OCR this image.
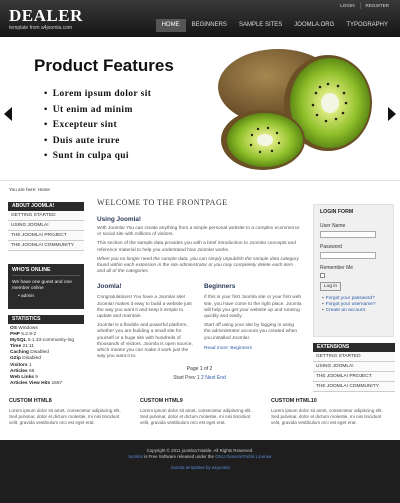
DEALER
template from a4joomla.com
LOGIN	REGISTER
HOME	BEGINNERS	SAMPLE SITES	JOOMLA.ORG	TYPOGRAPHY
Product Features
• Lorem ipsum dolor sit
• Ut enim ad minim
• Excepteur sint
• Duis aute irure
• Sunt in culpa qui
You are here: Home
ABOUT JOOMLA!
GETTING STARTED
USING JOOMLA!
THE JOOMLA! PROJECT
THE JOOMLA! COMMUNITY
WHO'S ONLINE
We have one guest and one member online
• admin
STATISTICS
OS Windows
PHP 5.2.9-2
MySQL 5.1.33-community-log
Time 21:11
Caching Disabled
GZip Disabled
Visitors 1
Articles 66
Web Links 9
Articles View Hits 1667
WELCOME TO THE FRONTPAGE
Using Joomla!
With Joomla! You can create anything from a simple personal website to a complex ecommerce or social site with millions of visitors.
This section of the sample data provides you with a brief introduction to Joomla! concepts and reference material to help you understand how Joomla! works.
When you no longer need the sample data, you can simply unpublish the sample data category found within each extension in the site administrator or you may completely delete each item and all of the categories.
Joomla!
Congratulations! You have a Joomla! site! Joomla! makes it easy to build a website just the way you want it and keep it simple to update and maintain.
Joomla! is a flexible and powerful platform, whether you are building a small site for yourself or a huge site with hundreds of thousands of visitors. Joomla is open source, which means you can make it work just the way you want it to.
Beginners
If this is your first Joomla site or your first web site, you have come to the right place. Joomla will help you get your website up and running quickly and easily.
Start off using your site by logging in using the administrator account you created when you installed Joomla!.
Read more: Beginners
Page 1 of 2
Start Prev 1 2 Next End
LOGIN FORM
User Name
Password
Remember Me
Log in
▪ Forgot your password?
▪ Forgot your username?
▪ Create an account
EXTENSIONS
GETTING STARTED
USING JOOMLA!
THE JOOMLA! PROJECT
THE JOOMLA! COMMUNITY
CUSTOM HTML8
Lorem ipsum dolor sit amet, consectetur adipiscing elit. Sed pulvinar, dolor et dictum molestie, mi nisi tincidunt velit, gravida vestibulum orci est eget erat.
CUSTOM HTML9
Lorem ipsum dolor sit amet, consectetur adipiscing elit. Sed pulvinar, dolor et dictum molestie, mi nisi tincidunt velit, gravida vestibulum orci est eget erat.
CUSTOM HTML10
Lorem ipsum dolor sit amet, consectetur adipiscing elit. Sed pulvinar, dolor et dictum molestie, mi nisi tincidunt velit, gravida vestibulum orci est eget erat.
Copyright © 2011 joomla17stable. All Rights Reserved.
Joomla! is Free Software released under the GNU General Public License.
Joomla templates by a4joomla
